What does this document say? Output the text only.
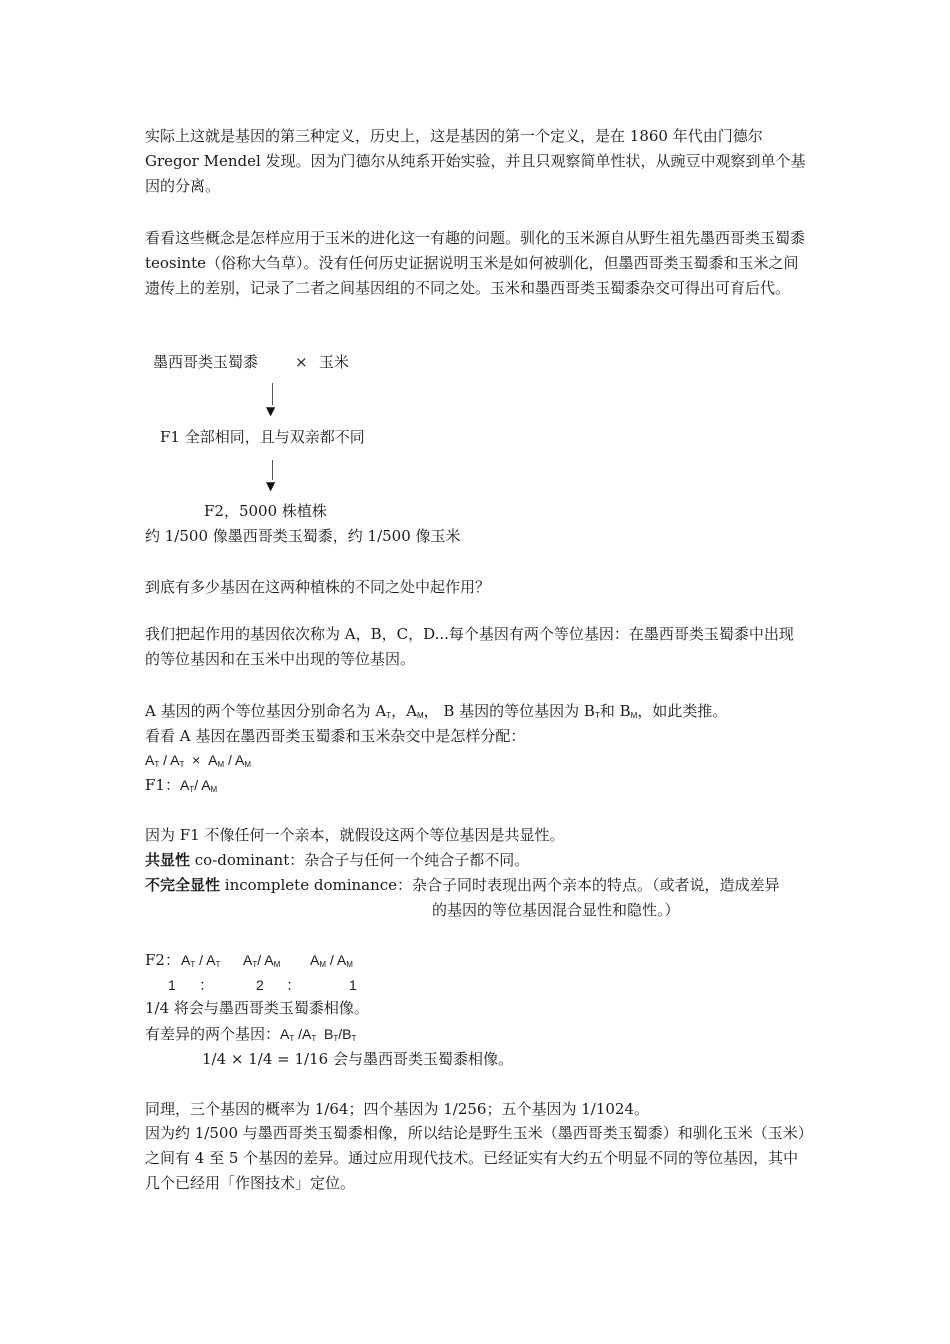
实际上这就是基因的第三种定义，历史上，这是基因的第一个定义，是在 1860 年代由门德尔 Gregor Mendel 发现。因为门德尔从纯系开始实验，并且只观察简单性状，从豌豆中观察到单个基因的分离。

看看这些概念是怎样应用于玉米的进化这一有趣的问题。驯化的玉米源自从野生祖先墨西哥类玉蜀黍 teosinte（俗称大刍草）。没有任何历史证据说明玉米是如何被驯化，但墨西哥类玉蜀黍和玉米之间遗传上的差别，记录了二者之间基因组的不同之处。玉米和墨西哥类玉蜀黍杂交可得出可育后代。

墨西哥类玉蜀黍 × 玉米
▼
F1 全部相同，且与双亲都不同
▼
F2，5000 株植株
约 1/500 像墨西哥类玉蜀黍，约 1/500 像玉米
到底有多少基因在这两种植株的不同之处中起作用？

我们把起作用的基因依次称为 A，B，C，D...每个基因有两个等位基因：在墨西哥类玉蜀黍中出现的等位基因和在玉米中出现的等位基因。

A 基因的两个等位基因分别命名为 $A_T$，$A_M$， B 基因的等位基因为 $B_T$和 $B_M$，如此类推。
看看 A 基因在墨西哥类玉蜀黍和玉米杂交中是怎样分配：
$A_T / A_T \times A_M / A_M$
F1：$A_T/$ $A_M$
因为 F1 不像任何一个亲本，就假设这两个等位基因是共显性。
共显性 co-dominant：杂合子与任何一个纯合子都不同。
不完全显性 incomplete dominance：杂合子同时表现出两个亲本的特点。（或者说，造成差异
的基因的等位基因混合显性和隐性。）
F2： $A_T / A_T$ $A_T/$ $A_M$ $A_M / A_M$
1 ：	2 ：	1
1/4 将会与墨西哥类玉蜀黍相像。
有差异的两个基因：$A_T$ $/A_T$ $B_T/B_T$
1/4 × 1/4 = 1/16 会与墨西哥类玉蜀黍相像。
同理，三个基因的概率为 1/64；四个基因为 1/256；五个基因为 1/1024。

因为约 1/500 与墨西哥类玉蜀黍相像，所以结论是野生玉米（墨西哥类玉蜀黍）和驯化玉米（玉米）之间有 4 至 5 个基因的差异。通过应用现代技术。已经证实有大约五个明显不同的等位基因，其中几个已经用「作图技术」定位。
